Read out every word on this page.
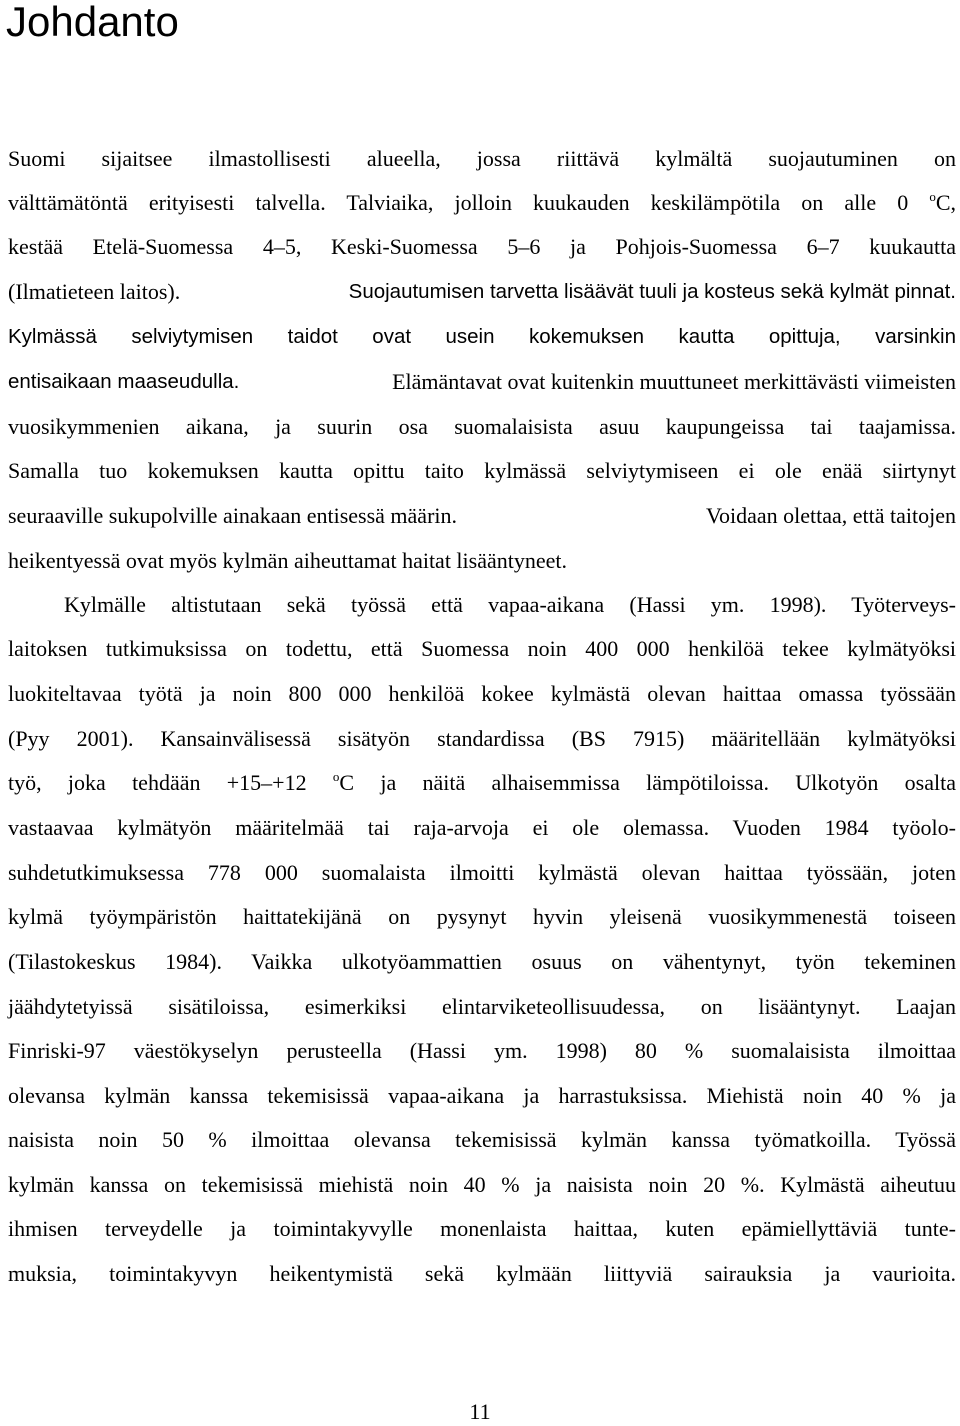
Johdanto
Suomi sijaitsee ilmastollisesti alueella, jossa riittävä kylmältä suojautuminen on
välttämätöntä erityisesti talvella. Talviaika, jolloin kuukauden keskilämpötila on alle 0 $^o$C,
kestää Etelä-Suomessa 4–5, Keski-Suomessa 5–6 ja Pohjois-Suomessa 6–7 kuukautta
(Ilmatieteen laitos).	Suojautumisen tarvetta lisäävät tuuli ja kosteus sekä kylmät pinnat.
Kylmässä selviytymisen taidot ovat usein kokemuksen kautta opittuja, varsinkin
entisaikaan maaseudulla.	Elämäntavat ovat kuitenkin muuttuneet merkittävästi viimeisten
vuosikymmenien aikana, ja suurin osa suomalaisista asuu kaupungeissa tai taajamissa.
Samalla tuo kokemuksen kautta opittu taito kylmässä selviytymiseen ei ole enää siirtynyt
seuraaville sukupolville ainakaan entisessä määrin.	Voidaan olettaa, että taitojen
heikentyessä ovat myös kylmän aiheuttamat haitat lisääntyneet.
Kylmälle altistutaan sekä työssä että vapaa-aikana (Hassi ym. 1998). Työterveys-
laitoksen tutkimuksissa on todettu, että Suomessa noin 400 000 henkilöä tekee kylmätyöksi
luokiteltavaa työtä ja noin 800 000 henkilöä kokee kylmästä olevan haittaa omassa työssään
(Pyy 2001). Kansainvälisessä sisätyön standardissa (BS 7915) määritellään kylmätyöksi
työ, joka tehdään +15–+12 $^o$C ja näitä alhaisemmissa lämpötiloissa. Ulkotyön osalta
vastaavaa kylmätyön määritelmää tai raja-arvoja ei ole olemassa. Vuoden 1984 työolo-
suhdetutkimuksessa 778 000 suomalaista ilmoitti kylmästä olevan haittaa työssään, joten
kylmä työympäristön haittatekijänä on pysynyt hyvin yleisenä vuosikymmenestä toiseen
(Tilastokeskus 1984). Vaikka ulkotyöammattien osuus on vähentynyt, työn tekeminen
jäähdytetyissä sisätiloissa, esimerkiksi elintarviketeollisuudessa, on lisääntynyt. Laajan
Finriski-97 väestökyselyn perusteella (Hassi ym. 1998) 80 % suomalaisista ilmoittaa
olevansa kylmän kanssa tekemisissä vapaa-aikana ja harrastuksissa. Miehistä noin 40 % ja
naisista noin 50 % ilmoittaa olevansa tekemisissä kylmän kanssa työmatkoilla. Työssä
kylmän kanssa on tekemisissä miehistä noin 40 % ja naisista noin 20 %. Kylmästä aiheutuu
ihmisen terveydelle ja toimintakyvylle monenlaista haittaa, kuten epämiellyttäviä tunte-
muksia, toimintakyvyn heikentymistä sekä kylmään liittyviä sairauksia ja vaurioita.
11
